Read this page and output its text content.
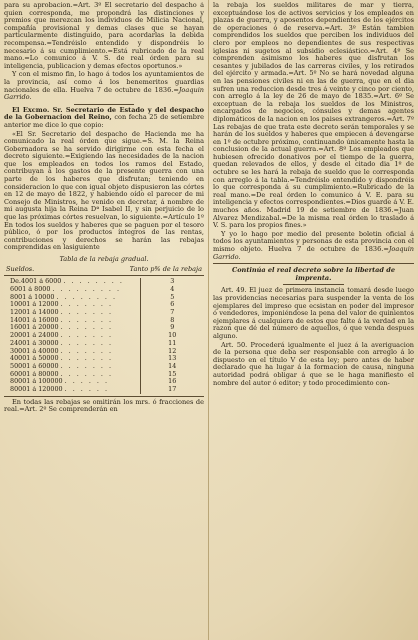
para su aprobacion.=Art. 3º El secretario del despacho á quien corresponda, me propondrá las distinciones y premios que merezcan los individuos de Milicia Nacional, compañía provisional y demas clases que se hayan particularmente distinguido, para acordarlas la debida recompensa.=Tendréislo entendido y dispondréis lo necesario á su cumplimiento.=Está rubricado de la real mano.=Lo comunico á V. S. de real órden para su inteligencia, publicacion y demas efectos oportunos.»

Y con el mismo fin, lo hago á todos los ayuntamientos de la provincia, así como á los benemeritos guardias nacionales de ella. Huelva 7 de octubre de 1836.=Joaquin Garrido.

El Excmo. Sr. Secretario de Estado y del despacho de la Gobernacion del Reino, con fecha 25 de setiembre anterior me dice lo que copio:

«El Sr. Secretario del despacho de Hacienda me ha comunicado la real órden que sigue.=S. M. la Reina Gobernadora se ha servido dirigirme con esta fecha el decreto siguiente.=Exigiendo las necesidades de la nacion que los empleados en todos los ramos del Estado, contribuyan á los gastos de la presente guerra con una parte de los haberes que disfrutan; teniendo en consideracion lo que con igual objeto dispusieron las córtes en 12 de mayo de 1822, y habiendo oído el parecer de mi Consejo de Ministros, he venido en decretar, á nombre de mi augusta hija la Reina Dª Isabel II, y sin perjuicio de lo que las próximas córtes resuelvan, lo siguiente.=Artículo 1º En todos los sueldos y haberes que se paguen por el tesoro público, ó por los productos íntegros de las rentas, contribuciones y derechos se harán las rebajas comprendidas en lasiguiente

Tabla de la rebaja gradual.
Sueldos.	Tanto p% de la rebaja
De.4001 á 6000 . . . . . . . .	3
6001 á 8000 . . . . . . . . .	4
8001 á 10000 . . . . . . . .	5
10001 á 12000 . . . . . . .	6
12001 á 14000 . . . . . . .	7
14001 á 16000 . . . . . . .	8
16001 á 20000 . . . . . . .	9
20001 á 24000 . . . . . . .	10
24001 á 30000 . . . . . . .	11
30001 á 40000 . . . . . . .	12
40001 á 50000 . . . . . . .	13
50001 á 60000 . . . . . . .	14
60001 á 80000 . . . . . . .	15
80001 á 100000 . . . . . .	16
80001 á 120000 . . . . . .	17

En todas las rebajas se omitirán los mrs. ó fracciones de real.=Art. 2º Se comprenderán en

la rebaja los sueldos militares de mar y tierra, exceptuándose los de activos servicios y los empleados en plazas de guerra, y aposentos dependientes de los ejércitos de operaciones ó de reserva.=Art. 3º Están tambien comprendidos los sueldos que perciben los individuos del clero por empleos no dependientes de sus respectivas iglesias ni sugetos al subsidio eclesiástico.=Art. 4º Se comprenden asimismo los haberes que disfrutan los cesantes y jubilados de las carreras civiles, y los retirados del ejército y armada.=Art. 5º No se hará novedad alguna en las pensiones civiles ni en las de guerra, que en el dia sufren una reduccion desde tres á veinte y cinco por ciento, con arreglo á la ley de 26 de mayo de 1835.=Art. 6º Se exceptuan de la rebaja los sueldos de los Ministros, encargados de negocios, cónsules y demas agentes diplomáticos de la nacion en los paises extrangeros.=Art. 7º Las rebajas de que trata este decreto serán temporales y se harán de los sueldos y haberes que empiecen á devengarse en 1º de octubre próximo, continuando únicamente hasta la conclusion de la actual guerra.=Art. 8º Los empleados que hubiesen ofrecido donativos por el tiempo de la guerra, quedan relevados de ellos, y desde el citado dia 1º de octubre se les hará la rebaja de sueldo que le corresponda con arreglo á la tabla.=Tendréislo entendido y dispondréis lo que corresponda á su cumplimiento.=Rubricado de la real mano.=De real órden lo comunico á V. E. para su inteligencia y efectos correspondientes.=Dios guarde á V. E. muchos años. Madrid 19 de setiembre de 1836.=Juan Alvarez Mendizabal.=De la misma real órden lo traslado á V. S. para los propios fines.»

Y yo lo hago por medio del presente boletin oficial á todos los ayuntamientos y personas de esta provincia con el mismo objeto. Huelva 7 de octubre de 1836.=Joaquin Garrido.

Continúa el real decreto sobre la libertad de imprenta.

Art. 49. El juez de primera instancia tomará desde luego las providencias necesarias para suspender la venta de los ejemplares del impreso que ecsistan en poder del impresor ó vendedores, imponiéndose la pena del valor de quinientos ejemplares á cualquiera de estos que falte á la verdad en la razon que dé del número de aquellos, ó que venda despues alguno.

Art. 50. Procederá igualmente el juez á la averiguacion de la persona que deba ser responsable con arreglo á lo dispuesto en el título V de esta ley; pero antes de haber declarado que ha lugar á la formacion de causa, ninguna autoridad podrá obligar á que se le haga manifiesto el nombre del autor ó editor; y todo procedimiento con-
